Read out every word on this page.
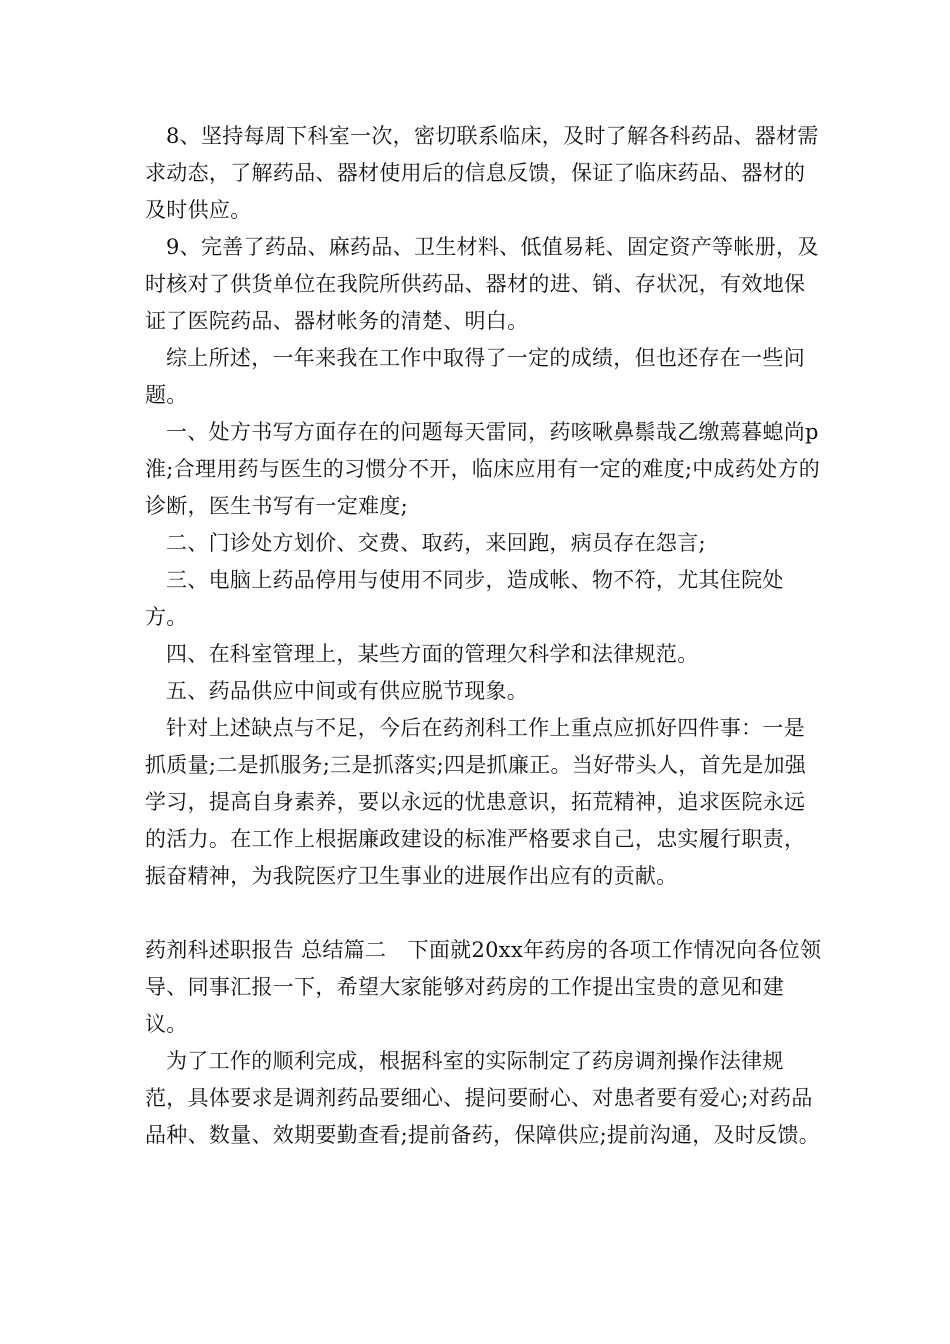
8、坚持每周下科室一次，密切联系临床，及时了解各科药品、器材需求动态，了解药品、器材使用后的信息反馈，保证了临床药品、器材的及时供应。

9、完善了药品、麻药品、卫生材料、低值易耗、固定资产等帐册，及时核对了供货单位在我院所供药品、器材的进、销、存状况，有效地保证了医院药品、器材帐务的清楚、明白。

综上所述，一年来我在工作中取得了一定的成绩，但也还存在一些问题。

一、处方书写方面存在的问题每天雷同，药咳啾鼻鬃哉乙缴蔫暮螅尚p淮;合理用药与医生的习惯分不开，临床应用有一定的难度;中成药处方的诊断，医生书写有一定难度;

二、门诊处方划价、交费、取药，来回跑，病员存在怨言;

三、电脑上药品停用与使用不同步，造成帐、物不符，尤其住院处方。

四、在科室管理上，某些方面的管理欠科学和法律规范。

五、药品供应中间或有供应脱节现象。

针对上述缺点与不足，今后在药剂科工作上重点应抓好四件事：一是抓质量;二是抓服务;三是抓落实;四是抓廉正。当好带头人，首先是加强学习，提高自身素养，要以永远的忧患意识，拓荒精神，追求医院永远的活力。在工作上根据廉政建设的标准严格要求自己，忠实履行职责，振奋精神，为我院医疗卫生事业的进展作出应有的贡献。

药剂科述职报告 总结篇二　下面就20xx年药房的各项工作情况向各位领导、同事汇报一下，希望大家能够对药房的工作提出宝贵的意见和建议。

为了工作的顺利完成，根据科室的实际制定了药房调剂操作法律规范，具体要求是调剂药品要细心、提问要耐心、对患者要有爱心;对药品品种、数量、效期要勤查看;提前备药，保障供应;提前沟通，及时反馈。
